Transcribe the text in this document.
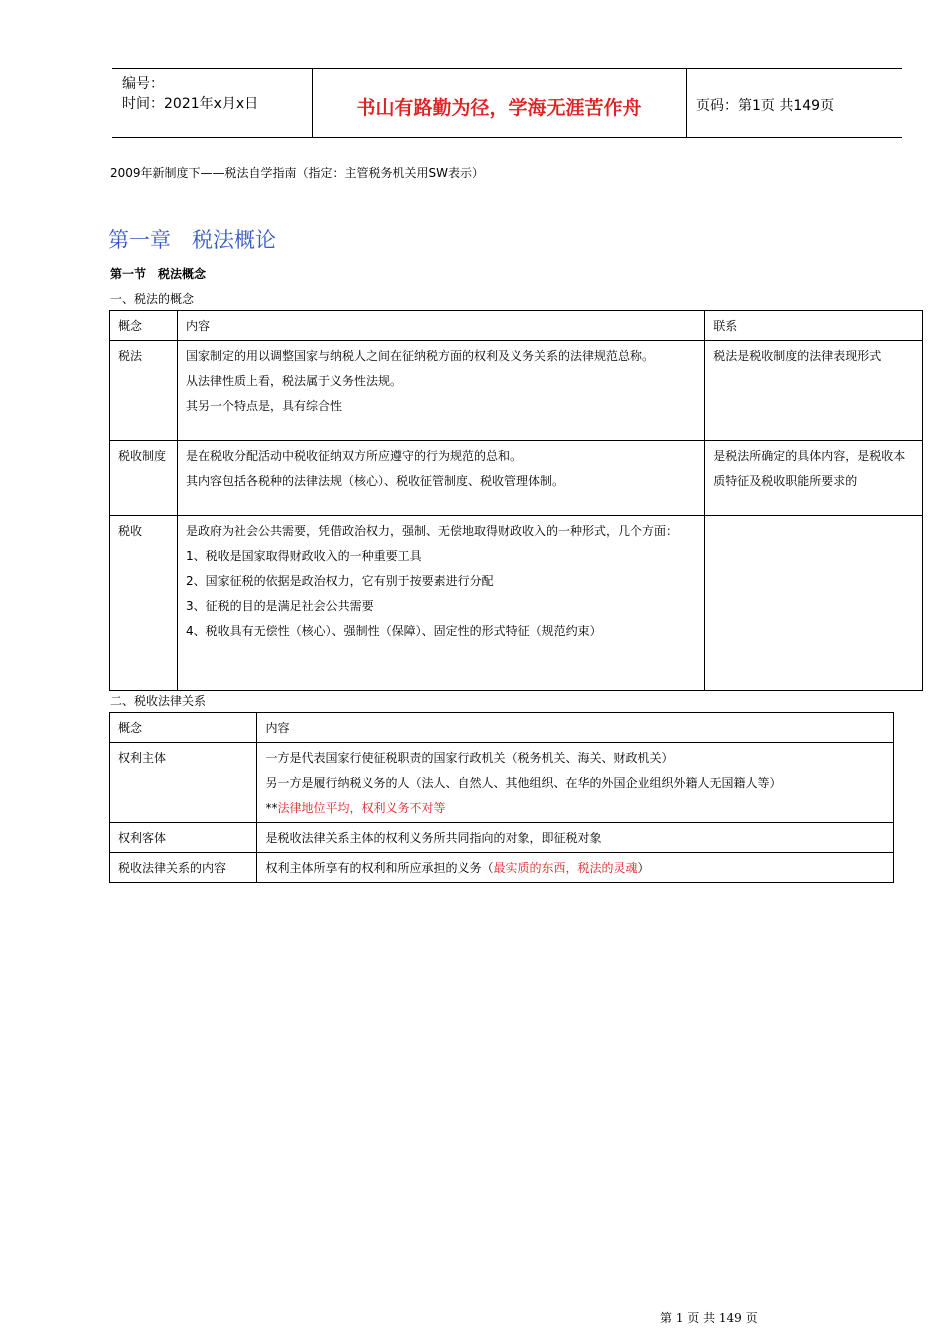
编号：
时间：2021年x月x日	书山有路勤为径，学海无涯苦作舟	页码：第1页 共149页
2009年新制度下——税法自学指南（指定：主管税务机关用SW表示）
第一章　税法概论
第一节　税法概念
一、税法的概念
概念	内容	联系
税法	国家制定的用以调整国家与纳税人之间在征纳税方面的权利及义务关系的法律规范总称。
从法律性质上看，税法属于义务性法规。
其另一个特点是，具有综合性	税法是税收制度的法律表现形式
税收制度	是在税收分配活动中税收征纳双方所应遵守的行为规范的总和。
其内容包括各税种的法律法规（核心）、税收征管制度、税收管理体制。	是税法所确定的具体内容，是税收本质特征及税收职能所要求的
税收	是政府为社会公共需要，凭借政治权力，强制、无偿地取得财政收入的一种形式，几个方面：
1、税收是国家取得财政收入的一种重要工具
2、国家征税的依据是政治权力，它有别于按要素进行分配
3、征税的目的是满足社会公共需要
4、税收具有无偿性（核心）、强制性（保障）、固定性的形式特征（规范约束）	

二、税收法律关系
概念	内容
权利主体	一方是代表国家行使征税职责的国家行政机关（税务机关、海关、财政机关）
另一方是履行纳税义务的人（法人、自然人、其他组织、在华的外国企业组织外籍人无国籍人等）
**法律地位平均，权利义务不对等

权利客体	是税收法律关系主体的权利义务所共同指向的对象，即征税对象
税收法律关系的内容	权利主体所享有的权利和所应承担的义务（最实质的东西，税法的灵魂）
第 1 页 共 149 页
